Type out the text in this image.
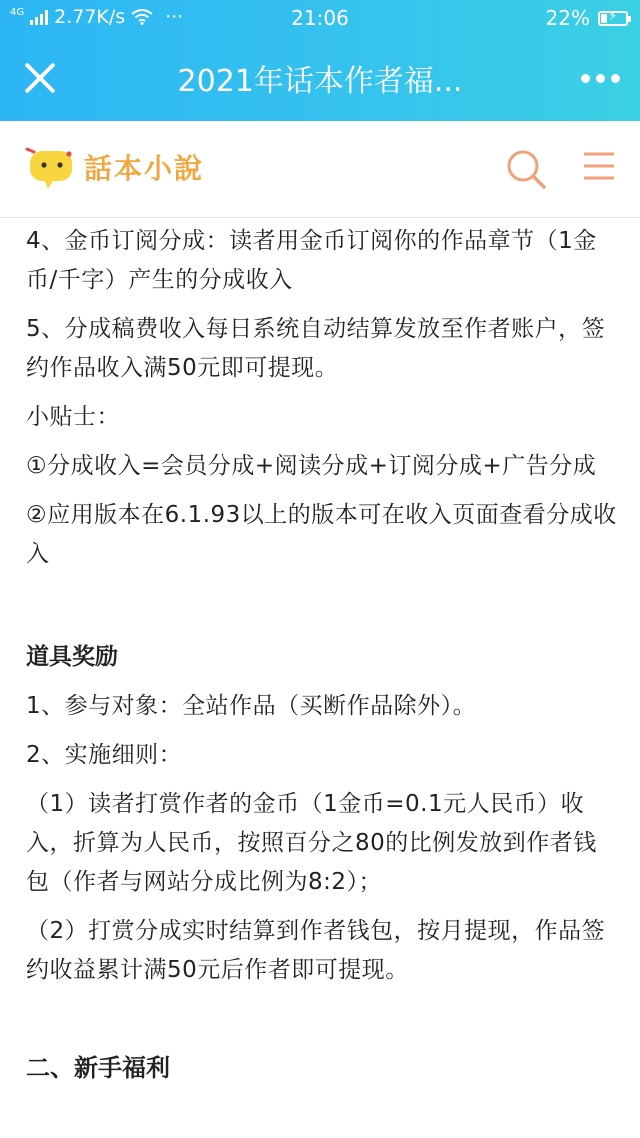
4G 2.77K/s ···	21:06	22%	⚡
2021年话本作者福...
話本小說

4、金币订阅分成：读者用金币订阅你的作品章节（1金币/千字）产生的分成收入

5、分成稿费收入每日系统自动结算发放至作者账户，签约作品收入满50元即可提现。

小贴士：

①分成收入=会员分成+阅读分成+订阅分成+广告分成

②应用版本在6.1.93以上的版本可在收入页面查看分成收入

道具奖励

1、参与对象：全站作品（买断作品除外）。

2、实施细则：

（1）读者打赏作者的金币（1金币=0.1元人民币）收入，折算为人民币，按照百分之80的比例发放到作者钱包（作者与网站分成比例为8:2）；

（2）打赏分成实时结算到作者钱包，按月提现，作品签约收益累计满50元后作者即可提现。

二、新手福利
